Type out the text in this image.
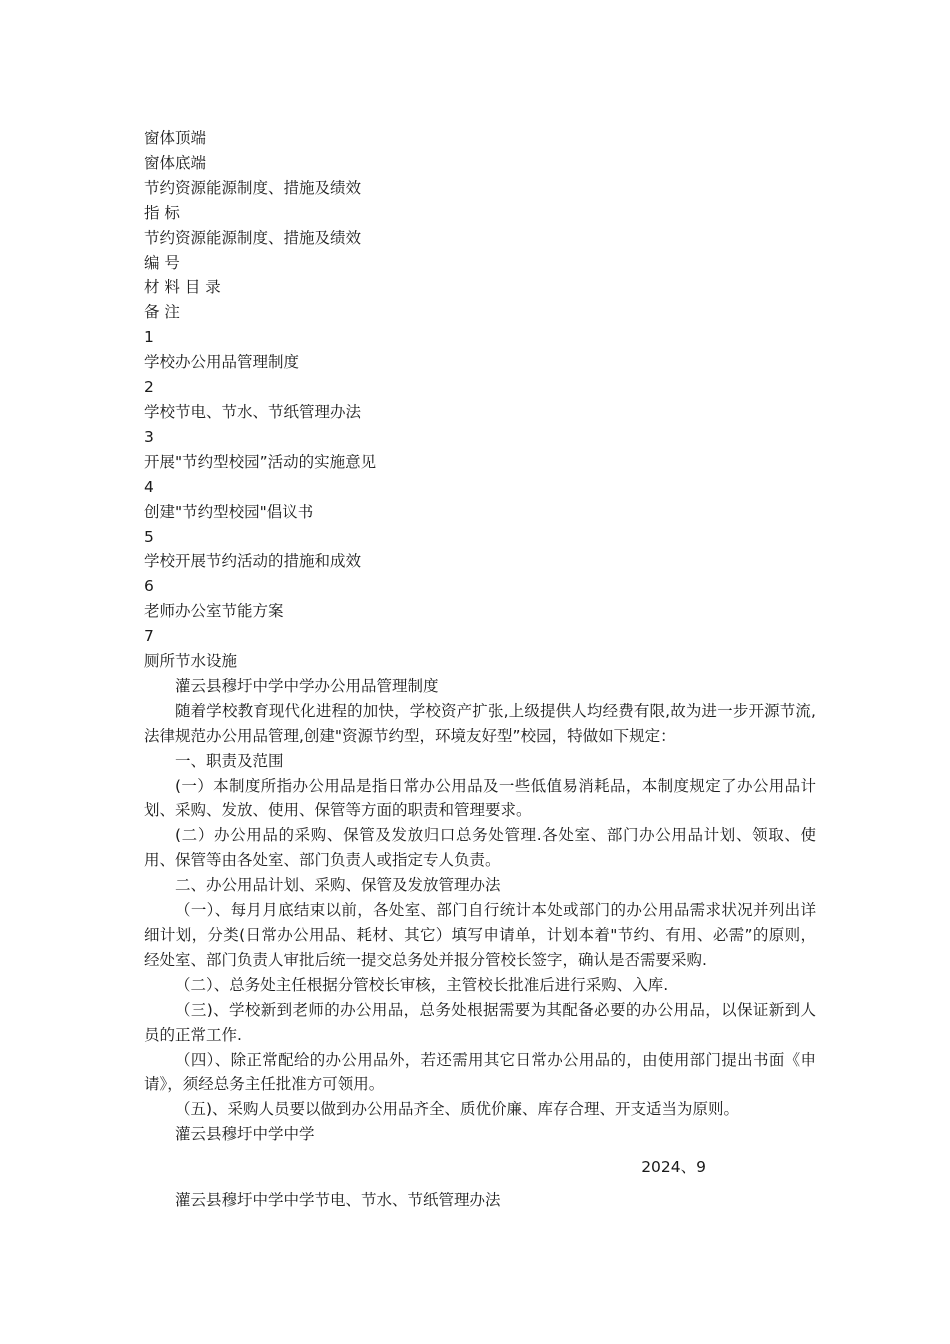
窗体顶端

窗体底端

节约资源能源制度、措施及绩效

指 标

节约资源能源制度、措施及绩效

编 号

材 料 目 录

备 注

1

学校办公用品管理制度

2

学校节电、节水、节纸管理办法

3

开展"节约型校园”活动的实施意见

4

创建"节约型校园"倡议书

5

学校开展节约活动的措施和成效

6

老师办公室节能方案

7

厕所节水设施

灌云县穆圩中学中学办公用品管理制度

随着学校教育现代化进程的加快，学校资产扩张,上级提供人均经费有限,故为进一步开源节流,法律规范办公用品管理,创建"资源节约型，环境友好型”校园，特做如下规定：

一、职责及范围

(一）本制度所指办公用品是指日常办公用品及一些低值易消耗品，本制度规定了办公用品计划、采购、发放、使用、保管等方面的职责和管理要求。

(二）办公用品的采购、保管及发放归口总务处管理.各处室、部门办公用品计划、领取、使用、保管等由各处室、部门负责人或指定专人负责。

二、办公用品计划、采购、保管及发放管理办法

（一）、每月月底结束以前，各处室、部门自行统计本处或部门的办公用品需求状况并列出详细计划，分类(日常办公用品、耗材、其它）填写申请单，计划本着"节约、有用、必需”的原则，经处室、部门负责人审批后统一提交总务处并报分管校长签字，确认是否需要采购.

（二）、总务处主任根据分管校长审核，主管校长批准后进行采购、入库.

（三)、学校新到老师的办公用品，总务处根据需要为其配备必要的办公用品，以保证新到人员的正常工作.

（四）、除正常配给的办公用品外，若还需用其它日常办公用品的，由使用部门提出书面《申请》，须经总务主任批准方可领用。

（五)、采购人员要以做到办公用品齐全、质优价廉、库存合理、开支适当为原则。

灌云县穆圩中学中学

2024、9

灌云县穆圩中学中学节电、节水、节纸管理办法
